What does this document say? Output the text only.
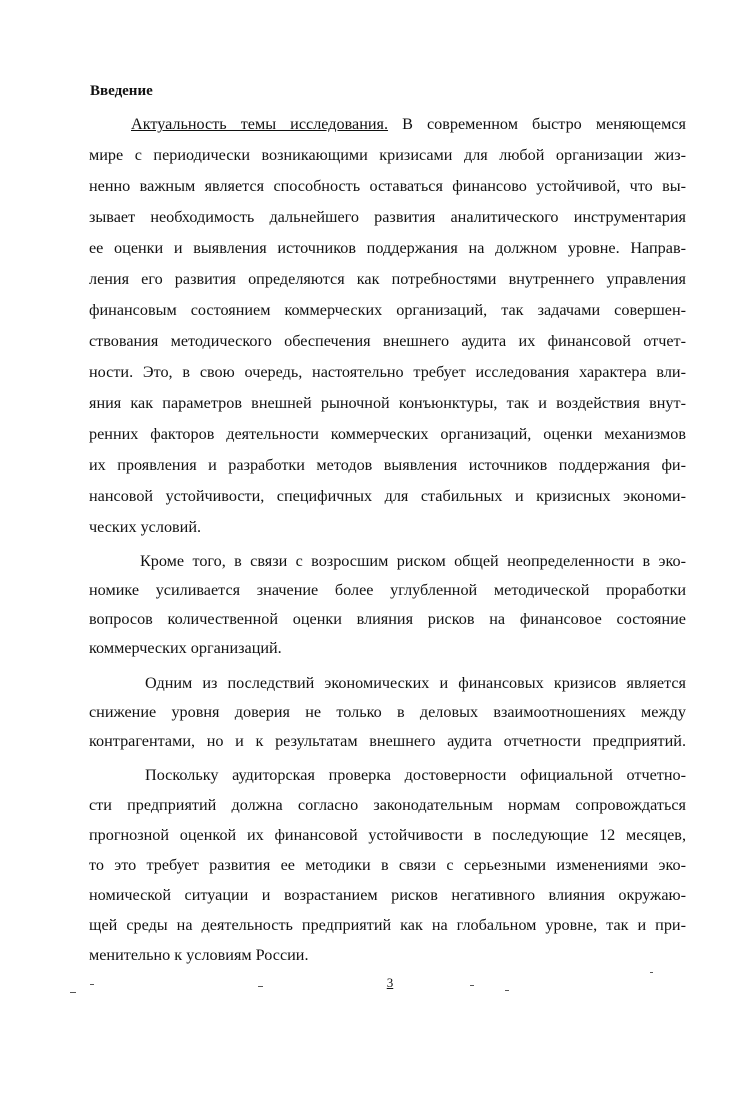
Введение
Актуальность темы исследования. В современном быстро меняющемся
мире с периодически возникающими кризисами для любой организации жиз-
ненно важным является способность оставаться финансово устойчивой, что вы-
зывает необходимость дальнейшего развития аналитического инструментария
ее оценки и выявления источников поддержания на должном уровне. Направ-
ления его развития определяются как потребностями внутреннего управления
финансовым состоянием коммерческих организаций, так задачами совершен-
ствования методического обеспечения внешнего аудита их финансовой отчет-
ности. Это, в свою очередь, настоятельно требует исследования характера вли-
яния как параметров внешней рыночной конъюнктуры, так и воздействия внут-
ренних факторов деятельности коммерческих организаций, оценки механизмов
их проявления и разработки методов выявления источников поддержания фи-
нансовой устойчивости, специфичных для стабильных и кризисных экономи-
ческих условий.
Кроме того, в связи с возросшим риском общей неопределенности в эко-
номике усиливается значение более углубленной методической проработки
вопросов количественной оценки влияния рисков на финансовое состояние
коммерческих организаций.
Одним из последствий экономических и финансовых кризисов является
снижение уровня доверия не только в деловых взаимоотношениях между
контрагентами, но и к результатам внешнего аудита отчетности предприятий.
Поскольку аудиторская проверка достоверности официальной отчетно-
сти предприятий должна согласно законодательным нормам сопровождаться
прогнозной оценкой их финансовой устойчивости в последующие 12 месяцев,
то это требует развития ее методики в связи с серьезными изменениями эко-
номической ситуации и возрастанием рисков негативного влияния окружаю-
щей среды на деятельность предприятий как на глобальном уровне, так и при-
менительно к условиям России.
3
